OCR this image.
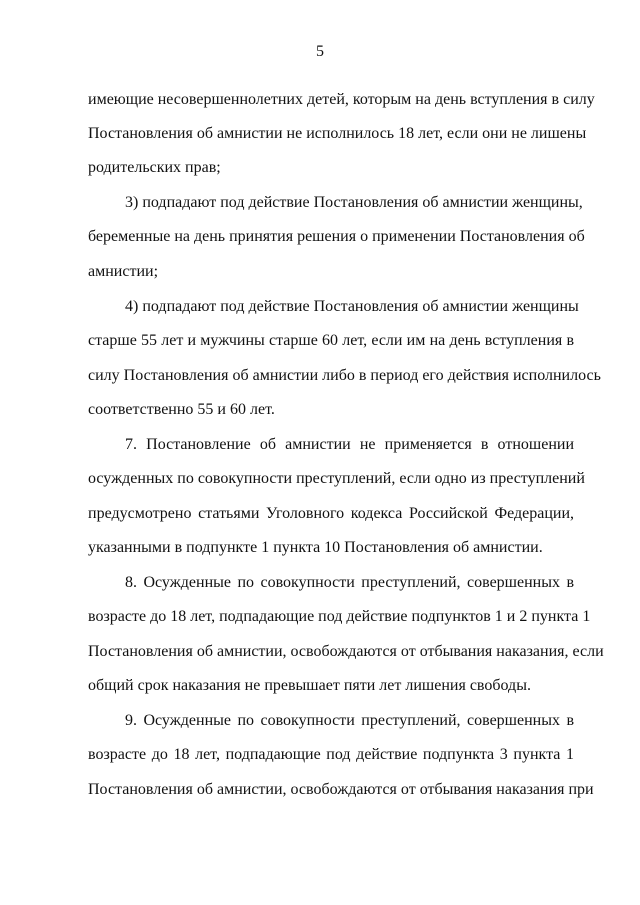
5
имеющие несовершеннолетних детей, которым на день вступления в силу
Постановления об амнистии не исполнилось 18 лет, если они не лишены
родительских прав;
3) подпадают под действие Постановления об амнистии женщины,
беременные на день принятия решения о применении Постановления об
амнистии;
4) подпадают под действие Постановления об амнистии женщины
старше 55 лет и мужчины старше 60 лет, если им на день вступления в
силу Постановления об амнистии либо в период его действия исполнилось
соответственно 55 и 60 лет.
7. Постановление об амнистии не применяется в отношении
осужденных по совокупности преступлений, если одно из преступлений
предусмотрено статьями Уголовного кодекса Российской Федерации,
указанными в подпункте 1 пункта 10 Постановления об амнистии.
8. Осужденные по совокупности преступлений, совершенных в
возрасте до 18 лет, подпадающие под действие подпунктов 1 и 2 пункта 1
Постановления об амнистии, освобождаются от отбывания наказания, если
общий срок наказания не превышает пяти лет лишения свободы.
9. Осужденные по совокупности преступлений, совершенных в
возрасте до 18 лет, подпадающие под действие подпункта 3 пункта 1
Постановления об амнистии, освобождаются от отбывания наказания при
